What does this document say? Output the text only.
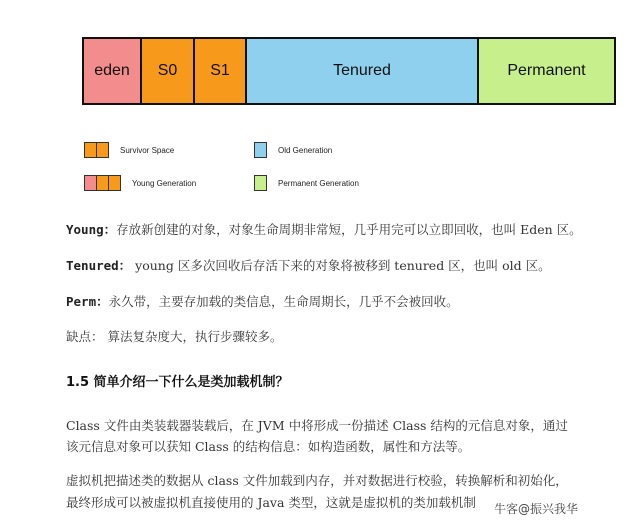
eden	S0	S1	Tenured	Permanent
Survivor Space	Old Generation
Young Generation	Permanent Generation
Young：存放新创建的对象，对象生命周期非常短，几乎用完可以立即回收，也叫 Eden 区。
Tenured： young 区多次回收后存活下来的对象将被移到 tenured 区，也叫 old 区。
Perm：永久带，主要存加载的类信息，生命周期长，几乎不会被回收。
缺点： 算法复杂度大，执行步骤较多。
1.5 简单介绍一下什么是类加载机制？
Class 文件由类装载器装载后，在 JVM 中将形成一份描述 Class 结构的元信息对象，通过
该元信息对象可以获知 Class 的结构信息：如构造函数，属性和方法等。
虚拟机把描述类的数据从 class 文件加载到内存，并对数据进行校验，转换解析和初始化，
最终形成可以被虚拟机直接使用的 Java 类型，这就是虚拟机的类加载机制	牛客@振兴我华
